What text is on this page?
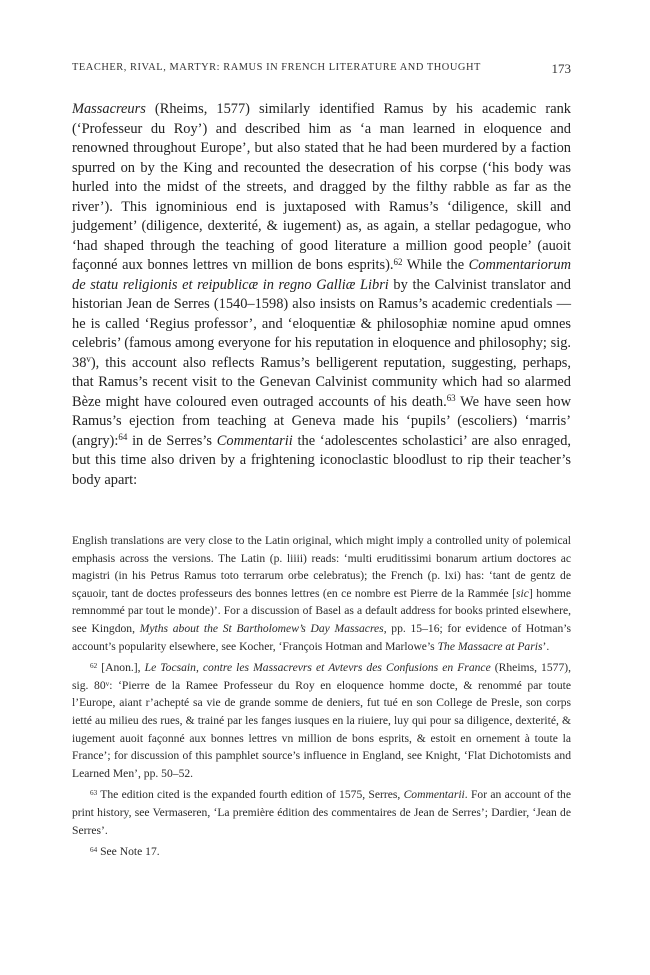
TEACHER, RIVAL, MARTYR: RAMUS IN FRENCH LITERATURE AND THOUGHT	173

Massacreurs (Rheims, 1577) similarly identified Ramus by his academic rank (‘Professeur du Roy’) and described him as ‘a man learned in eloquence and renowned throughout Europe’, but also stated that he had been murdered by a faction spurred on by the King and recounted the desecration of his corpse (‘his body was hurled into the midst of the streets, and dragged by the filthy rabble as far as the river’). This ignominious end is juxtaposed with Ramus’s ‘diligence, skill and judgement’ (diligence, dexterité, & iugement) as, as again, a stellar pedagogue, who ‘had shaped through the teaching of good literature a million good people’ (auoit façonné aux bonnes lettres vn million de bons esprits).$^{62}$ While the Commentariorum de statu religionis et reipublicæ in regno Galliæ Libri by the Calvinist translator and historian Jean de Serres (1540–1598) also insists on Ramus’s academic credentials — he is called ‘Regius professor’, and ‘eloquentiæ & philosophiæ nomine apud omnes celebris’ (famous among everyone for his reputation in eloquence and philosophy; sig. 38$^v$), this account also reflects Ramus’s belligerent reputation, suggesting, perhaps, that Ramus’s recent visit to the Genevan Calvinist community which had so alarmed Bèze might have coloured even outraged accounts of his death.$^{63}$ We have seen how Ramus’s ejection from teaching at Geneva made his ‘pupils’ (escoliers) ‘marris’ (angry):$^{64}$ in de Serres’s Commentarii the ‘adolescentes scholastici’ are also enraged, but this time also driven by a frightening iconoclastic bloodlust to rip their teacher’s body apart:

English translations are very close to the Latin original, which might imply a controlled unity of polemical emphasis across the versions. The Latin (p. liiii) reads: ‘multi eruditissimi bonarum artium doctores ac magistri (in his Petrus Ramus toto terrarum orbe celebratus); the French (p. lxi) has: ‘tant de gentz de sçauoir, tant de doctes professeurs des bonnes lettres (en ce nombre est Pierre de la Rammée [sic] homme remnommé par tout le monde)’. For a discussion of Basel as a default address for books printed elsewhere, see Kingdon, Myths about the St Bartholomew’s Day Massacres, pp. 15–16; for evidence of Hotman’s account’s popularity elsewhere, see Kocher, ‘François Hotman and Marlowe’s The Massacre at Paris’.

$^{62}$ [Anon.], Le Tocsain, contre les Massacrevrs et Avtevrs des Confusions en France (Rheims, 1577), sig. 80$^v$: ‘Pierre de la Ramee Professeur du Roy en eloquence homme docte, & renommé par toute l’Europe, aiant r’achepté sa vie de grande somme de deniers, fut tué en son College de Presle, son corps ietté au milieu des rues, & trainé par les fanges iusques en la riuiere, luy qui pour sa diligence, dexterité, & iugement auoit façonné aux bonnes lettres vn million de bons esprits, & estoit en ornement à toute la France’; for discussion of this pamphlet source’s influence in England, see Knight, ‘Flat Dichotomists and Learned Men’, pp. 50–52.

$^{63}$ The edition cited is the expanded fourth edition of 1575, Serres, Commentarii. For an account of the print history, see Vermaseren, ‘La première édition des commentaires de Jean de Serres’; Dardier, ‘Jean de Serres’.

$^{64}$ See Note 17.
